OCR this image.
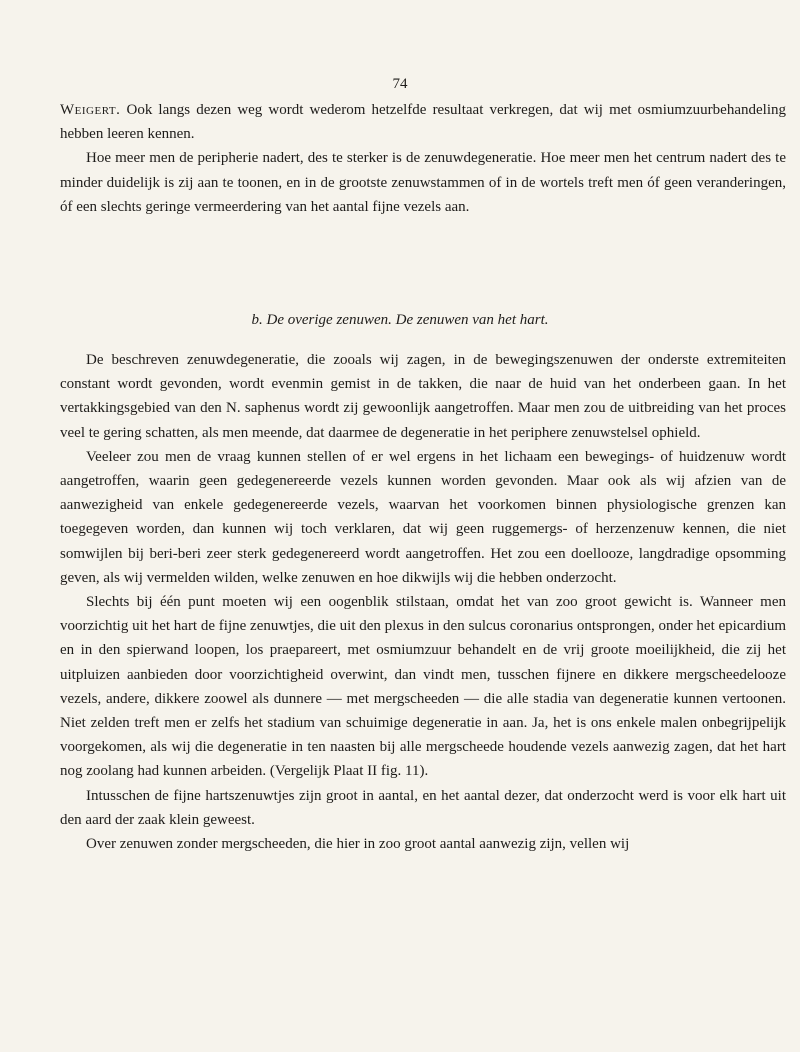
74

Weigert. Ook langs dezen weg wordt wederom hetzelfde resultaat verkregen, dat wij met osmiumzuurbehandeling hebben leeren kennen.

Hoe meer men de peripherie nadert, des te sterker is de zenuwdegeneratie. Hoe meer men het centrum nadert des te minder duidelijk is zij aan te toonen, en in de grootste zenuwstammen of in de wortels treft men óf geen veranderingen, óf een slechts geringe vermeerdering van het aantal fijne vezels aan.

b. De overige zenuwen. De zenuwen van het hart.

De beschreven zenuwdegeneratie, die zooals wij zagen, in de bewegingszenuwen der onderste extremiteiten constant wordt gevonden, wordt evenmin gemist in de takken, die naar de huid van het onderbeen gaan. In het vertakkingsgebied van den N. saphenus wordt zij gewoonlijk aangetroffen. Maar men zou de uitbreiding van het proces veel te gering schatten, als men meende, dat daarmee de degeneratie in het periphere zenuwstelsel ophield.

Veeleer zou men de vraag kunnen stellen of er wel ergens in het lichaam een bewegings- of huidzenuw wordt aangetroffen, waarin geen gedegenereerde vezels kunnen worden gevonden. Maar ook als wij afzien van de aanwezigheid van enkele gedegenereerde vezels, waarvan het voorkomen binnen physiologische grenzen kan toegegeven worden, dan kunnen wij toch verklaren, dat wij geen ruggemergs- of herzenzenuw kennen, die niet somwijlen bij beri-beri zeer sterk gedegenereerd wordt aangetroffen. Het zou een doellooze, langdradige opsomming geven, als wij vermelden wilden, welke zenuwen en hoe dikwijls wij die hebben onderzocht.

Slechts bij één punt moeten wij een oogenblik stilstaan, omdat het van zoo groot gewicht is. Wanneer men voorzichtig uit het hart de fijne zenuwtjes, die uit den plexus in den sulcus coronarius ontsprongen, onder het epicardium en in den spierwand loopen, los praepareert, met osmiumzuur behandelt en de vrij groote moeilijkheid, die zij het uitpluizen aanbieden door voorzichtigheid overwint, dan vindt men, tusschen fijnere en dikkere mergscheedelooze vezels, andere, dikkere zoowel als dunnere — met mergscheeden — die alle stadia van degeneratie kunnen vertoonen. Niet zelden treft men er zelfs het stadium van schuimige degeneratie in aan. Ja, het is ons enkele malen onbegrijpelijk voorgekomen, als wij die degeneratie in ten naasten bij alle mergscheede houdende vezels aanwezig zagen, dat het hart nog zoolang had kunnen arbeiden. (Vergelijk Plaat II fig. 11).

Intusschen de fijne hartszenuwtjes zijn groot in aantal, en het aantal dezer, dat onderzocht werd is voor elk hart uit den aard der zaak klein geweest.

Over zenuwen zonder mergscheeden, die hier in zoo groot aantal aanwezig zijn, vellen wij
